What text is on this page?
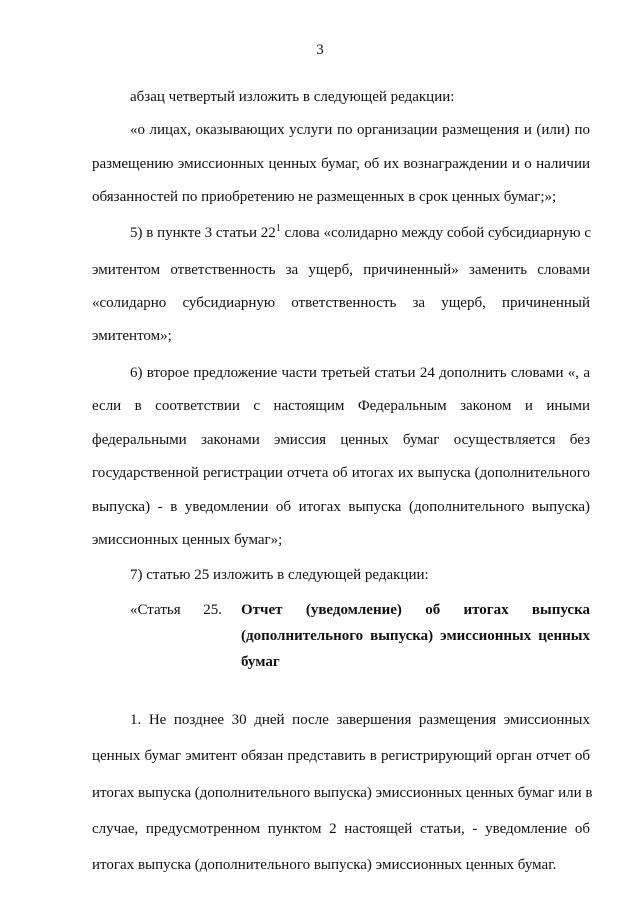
3
абзац четвертый изложить в следующей редакции:
«о лицах, оказывающих услуги по организации размещения и (или) по
размещению эмиссионных ценных бумаг, об их вознаграждении и о наличии
обязанностей по приобретению не размещенных в срок ценных бумаг;»;
5) в пункте 3 статьи $22^1$ слова «солидарно между собой субсидиарную с
эмитентом ответственность за ущерб, причиненный» заменить словами
«солидарно субсидиарную ответственность за ущерб, причиненный
эмитентом»;
6) второе предложение части третьей статьи 24 дополнить словами «, а
если в соответствии с настоящим Федеральным законом и иными
федеральными законами эмиссия ценных бумаг осуществляется без
государственной регистрации отчета об итогах их выпуска (дополнительного
выпуска) - в уведомлении об итогах выпуска (дополнительного выпуска)
эмиссионных ценных бумаг»;
7) статью 25 изложить в следующей редакции:
«Статья 25. Отчет (уведомление) об итогах выпуска
(дополнительного выпуска) эмиссионных ценных
бумаг
1. Не позднее 30 дней после завершения размещения эмиссионных
ценных бумаг эмитент обязан представить в регистрирующий орган отчет об
итогах выпуска (дополнительного выпуска) эмиссионных ценных бумаг или в
случае, предусмотренном пунктом 2 настоящей статьи, - уведомление об
итогах выпуска (дополнительного выпуска) эмиссионных ценных бумаг.
